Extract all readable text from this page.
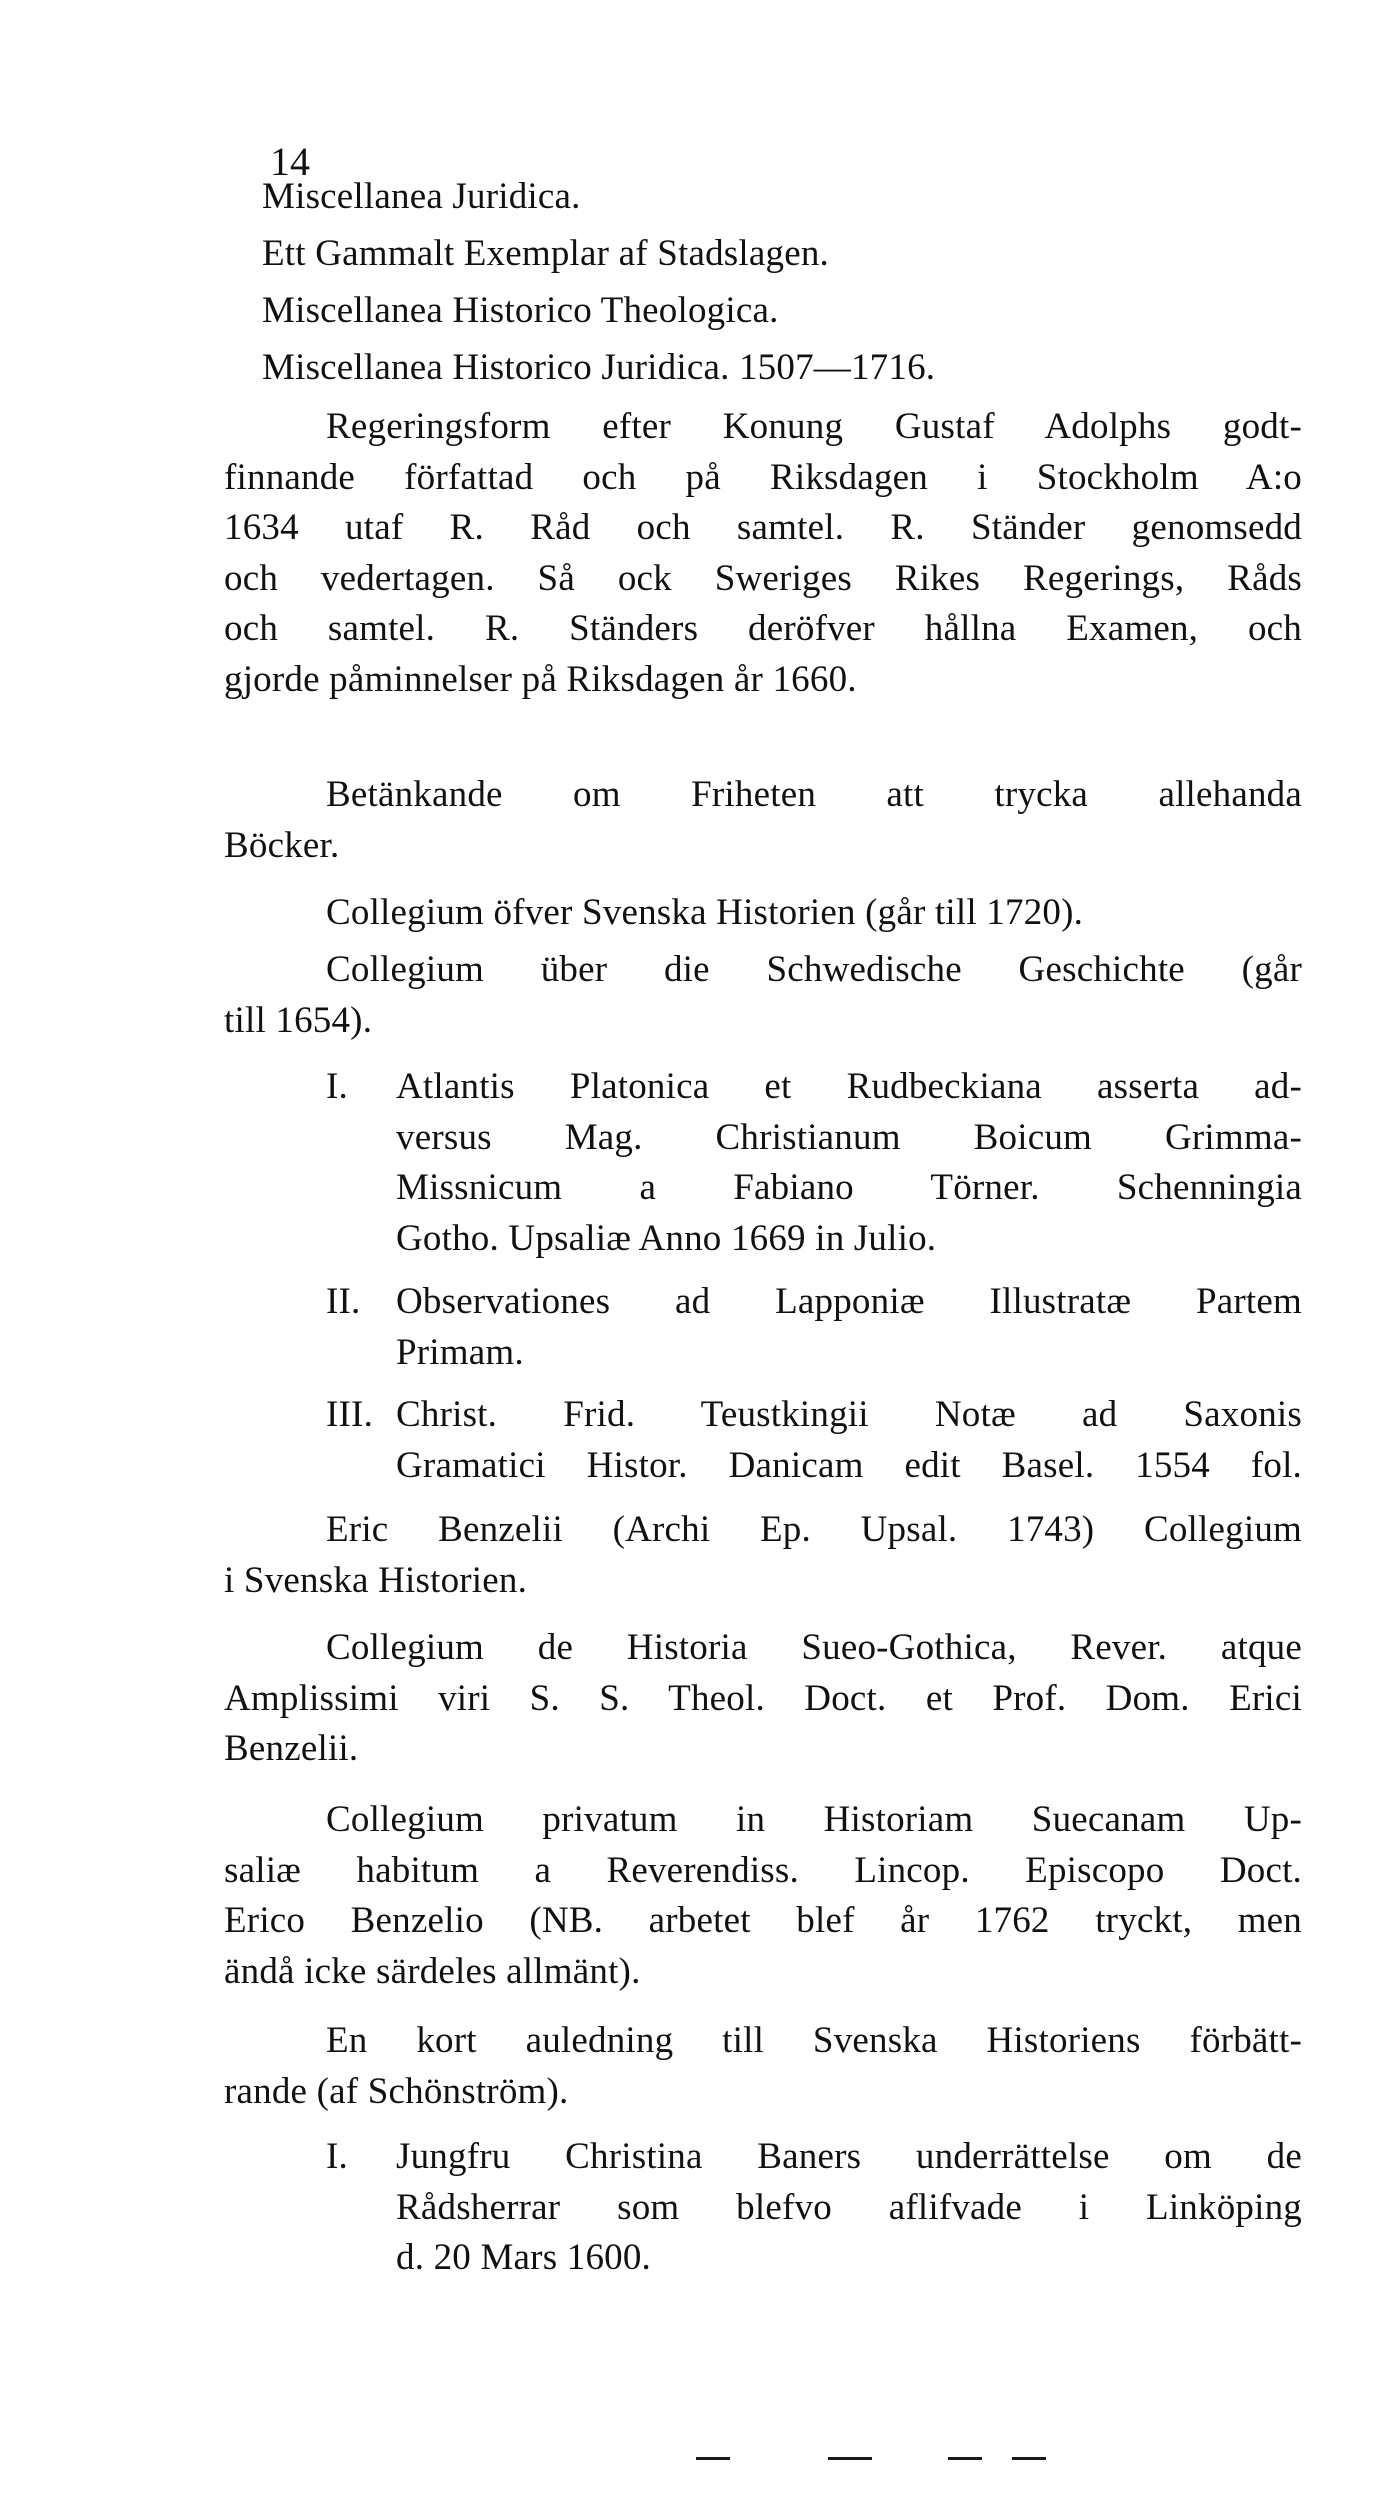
14
Miscellanea Juridica.
Ett Gammalt Exemplar af Stadslagen.
Miscellanea Historico Theologica.
Miscellanea Historico Juridica. 1507—1716.
Regeringsform efter Konung Gustaf Adolphs godt-
finnande författad och på Riksdagen i Stockholm A:o
1634 utaf R. Råd och samtel. R. Ständer genomsedd
och vedertagen. Så ock Sweriges Rikes Regerings, Råds
och samtel. R. Ständers deröfver hållna Examen, och
gjorde påminnelser på Riksdagen år 1660.
Betänkande om Friheten att trycka allehanda
Böcker.
Collegium öfver Svenska Historien (går till 1720).
Collegium über die Schwedische Geschichte (går
till 1654).
I. Atlantis Platonica et Rudbeckiana asserta ad-
versus Mag. Christianum Boicum Grimma-
Missnicum a Fabiano Törner. Schenningia
Gotho. Upsaliæ Anno 1669 in Julio.
II. Observationes ad Lapponiæ Illustratæ Partem
Primam.
III. Christ. Frid. Teustkingii Notæ ad Saxonis
Gramatici Histor. Danicam edit Basel. 1554 fol.
Eric Benzelii (Archi Ep. Upsal. 1743) Collegium
i Svenska Historien.
Collegium de Historia Sueo-Gothica, Rever. atque
Amplissimi viri S. S. Theol. Doct. et Prof. Dom. Erici
Benzelii.
Collegium privatum in Historiam Suecanam Up-
saliæ habitum a Reverendiss. Lincop. Episcopo Doct.
Erico Benzelio (NB. arbetet blef år 1762 tryckt, men
ändå icke särdeles allmänt).
En kort auledning till Svenska Historiens förbätt-
rande (af Schönström).
I. Jungfru Christina Baners underrättelse om de
Rådsherrar som blefvo aflifvade i Linköping
d. 20 Mars 1600.
